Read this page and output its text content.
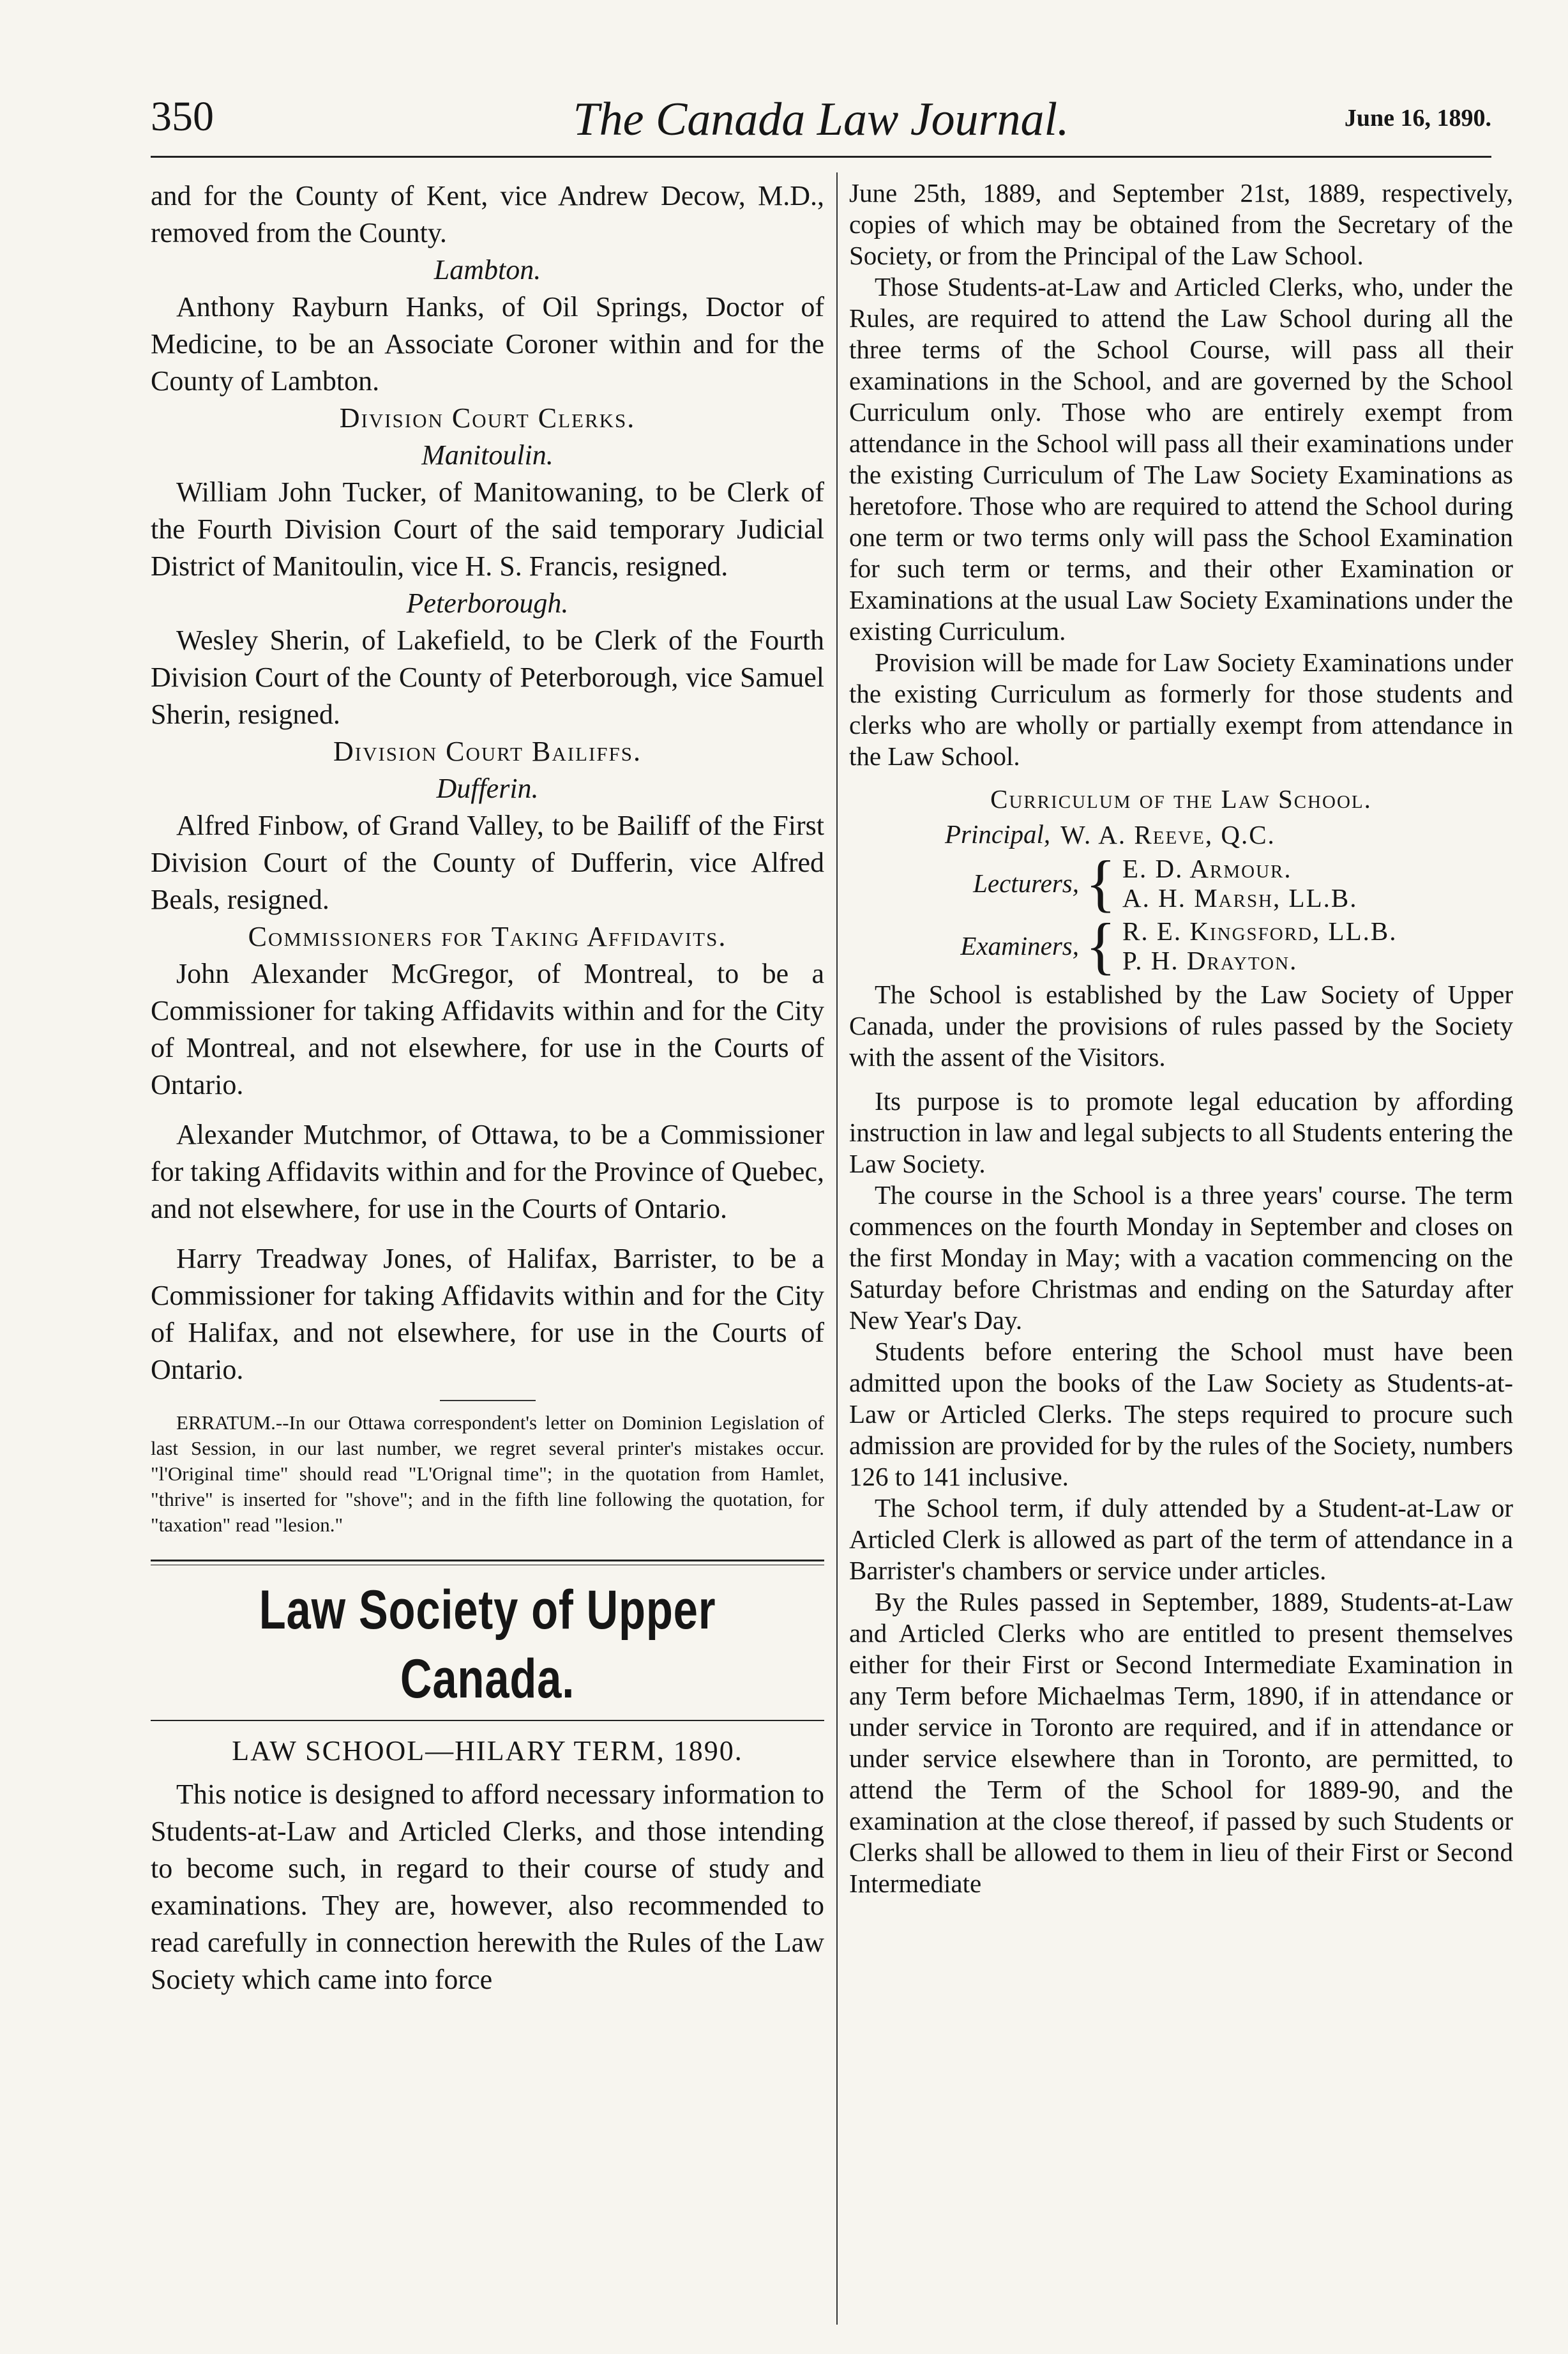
350	The Canada Law Journal.	June 16, 1890.

and for the County of Kent, vice Andrew Decow, M.D., removed from the County.

Lambton.

Anthony Rayburn Hanks, of Oil Springs, Doctor of Medicine, to be an Associate Coroner within and for the County of Lambton.

Division Court Clerks.

Manitoulin.

William John Tucker, of Manitowaning, to be Clerk of the Fourth Division Court of the said temporary Judicial District of Manitoulin, vice H. S. Francis, resigned.

Peterborough.

Wesley Sherin, of Lakefield, to be Clerk of the Fourth Division Court of the County of Peterborough, vice Samuel Sherin, resigned.

Division Court Bailiffs.

Dufferin.

Alfred Finbow, of Grand Valley, to be Bailiff of the First Division Court of the County of Dufferin, vice Alfred Beals, resigned.

Commissioners for Taking Affidavits.

John Alexander McGregor, of Montreal, to be a Commissioner for taking Affidavits within and for the City of Montreal, and not elsewhere, for use in the Courts of Ontario.

Alexander Mutchmor, of Ottawa, to be a Commissioner for taking Affidavits within and for the Province of Quebec, and not elsewhere, for use in the Courts of Ontario.

Harry Treadway Jones, of Halifax, Barrister, to be a Commissioner for taking Affidavits within and for the City of Halifax, and not elsewhere, for use in the Courts of Ontario.

ERRATUM.--In our Ottawa correspondent's letter on Dominion Legislation of last Session, in our last number, we regret several printer's mistakes occur. "l'Original time" should read "L'Orignal time"; in the quotation from Hamlet, "thrive" is inserted for "shove"; and in the fifth line following the quotation, for "taxation" read "lesion."

Law Society of Upper Canada.

LAW SCHOOL—HILARY TERM, 1890.

This notice is designed to afford necessary information to Students-at-Law and Articled Clerks, and those intending to become such, in regard to their course of study and examinations. They are, however, also recommended to read carefully in connection herewith the Rules of the Law Society which came into force

June 25th, 1889, and September 21st, 1889, respectively, copies of which may be obtained from the Secretary of the Society, or from the Principal of the Law School.

Those Students-at-Law and Articled Clerks, who, under the Rules, are required to attend the Law School during all the three terms of the School Course, will pass all their examinations in the School, and are governed by the School Curriculum only. Those who are entirely exempt from attendance in the School will pass all their examinations under the existing Curriculum of The Law Society Examinations as heretofore. Those who are required to attend the School during one term or two terms only will pass the School Examination for such term or terms, and their other Examination or Examinations at the usual Law Society Examinations under the existing Curriculum.

Provision will be made for Law Society Examinations under the existing Curriculum as formerly for those students and clerks who are wholly or partially exempt from attendance in the Law School.

Curriculum of the Law School.

Principal, W. A. Reeve, Q.C.
Lecturers, { E. D. Armour.
A. H. Marsh, LL.B.
Examiners, { R. E. Kingsford, LL.B.
P. H. Drayton.

The School is established by the Law Society of Upper Canada, under the provisions of rules passed by the Society with the assent of the Visitors.

Its purpose is to promote legal education by affording instruction in law and legal subjects to all Students entering the Law Society.

The course in the School is a three years' course. The term commences on the fourth Monday in September and closes on the first Monday in May; with a vacation commencing on the Saturday before Christmas and ending on the Saturday after New Year's Day.

Students before entering the School must have been admitted upon the books of the Law Society as Students-at-Law or Articled Clerks. The steps required to procure such admission are provided for by the rules of the Society, numbers 126 to 141 inclusive.

The School term, if duly attended by a Student-at-Law or Articled Clerk is allowed as part of the term of attendance in a Barrister's chambers or service under articles.

By the Rules passed in September, 1889, Students-at-Law and Articled Clerks who are entitled to present themselves either for their First or Second Intermediate Examination in any Term before Michaelmas Term, 1890, if in attendance or under service in Toronto are required, and if in attendance or under service elsewhere than in Toronto, are permitted, to attend the Term of the School for 1889-90, and the examination at the close thereof, if passed by such Students or Clerks shall be allowed to them in lieu of their First or Second Intermediate
